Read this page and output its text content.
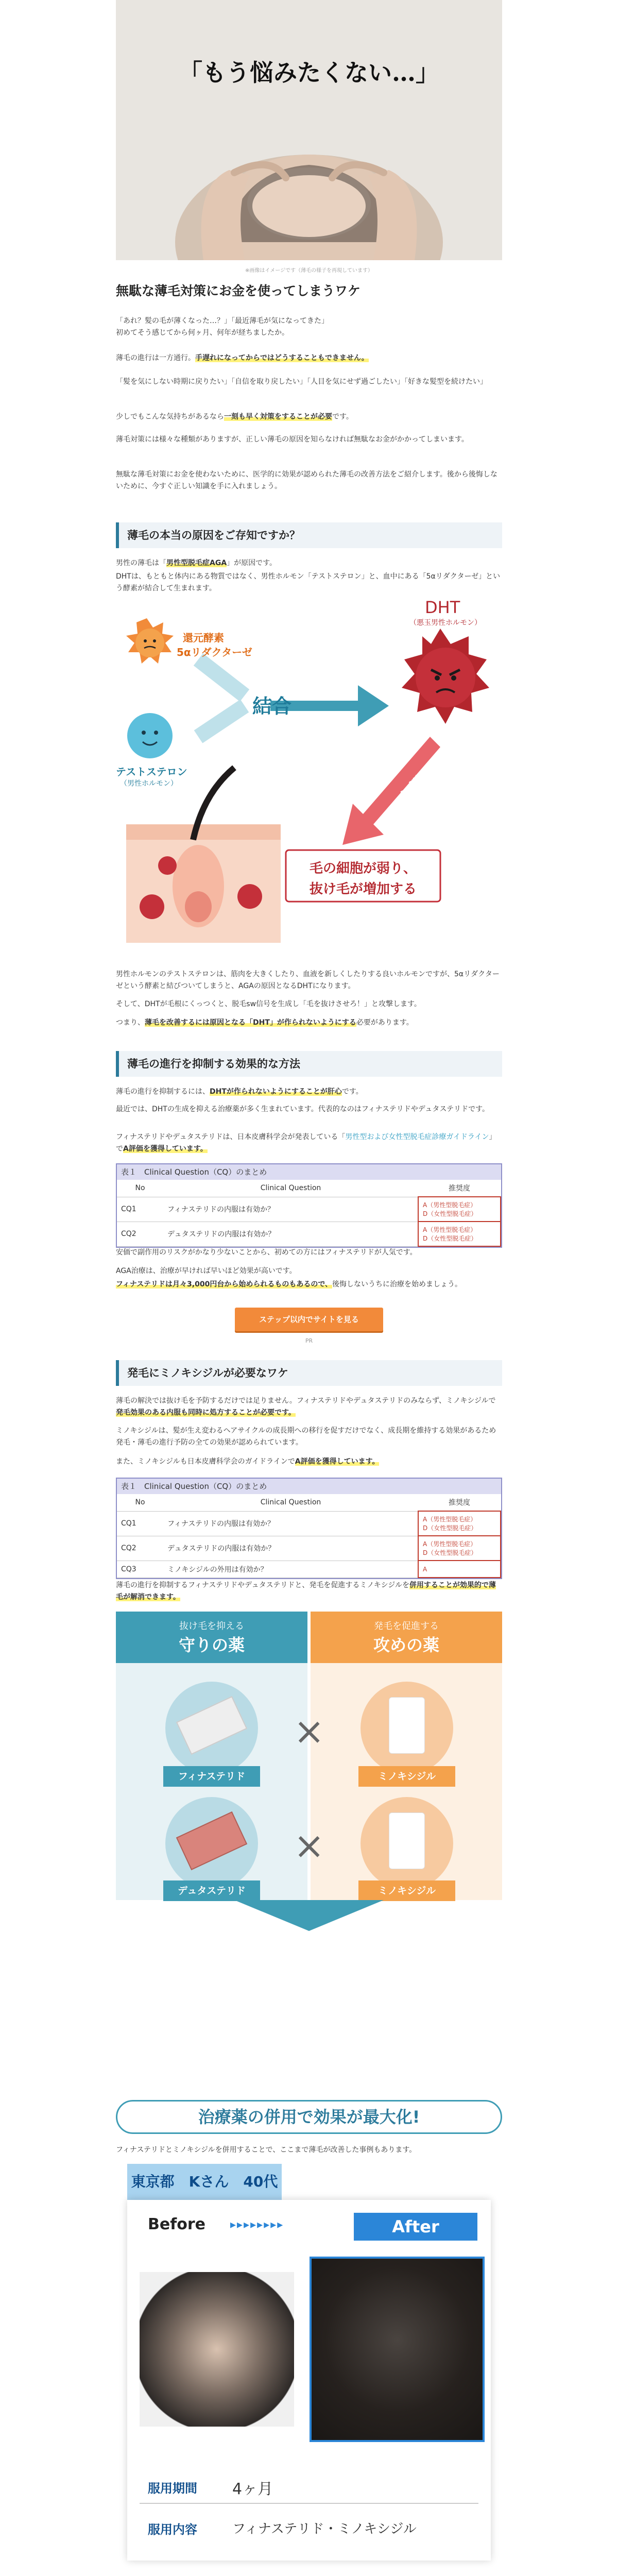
「もう悩みたくない…」
※画像はイメージです（薄毛の様子を再現しています）
無駄な薄毛対策にお金を使ってしまうワケ
「あれ？髪の毛が薄くなった…？」「最近薄毛が気になってきた」
初めてそう感じてから何ヶ月、何年が経ちましたか。
薄毛の進行は一方通行。手遅れになってからではどうすることもできません。
「髪を気にしない時期に戻りたい」「自信を取り戻したい」「人目を気にせず過ごしたい」「好きな髪型を続けたい」
少しでもこんな気持ちがあるなら一刻も早く対策をすることが必要です。
薄毛対策には様々な種類がありますが、正しい薄毛の原因を知らなければ無駄なお金がかかってしまいます。
無駄な薄毛対策にお金を使わないために、医学的に効果が認められた薄毛の改善方法をご紹介します。後から後悔しないために、今すぐ正しい知識を手に入れましょう。
薄毛の本当の原因をご存知ですか？
男性の薄毛は「男性型脱毛症AGA」が原因です。
DHTは、もともと体内にある物質ではなく、男性ホルモン「テストステロン」と、血中にある「5αリダクターゼ」という酵素が結合して生まれます。
還元酵素
5αリダクターゼ
テストステロン
（男性ホルモン）
結合
DHT
（悪玉男性ホルモン）
攻撃
毛の細胞が弱り、
抜け毛が増加する
男性ホルモンのテストステロンは、筋肉を大きくしたり、血液を新しくしたりする良いホルモンですが、5αリダクターゼという酵素と結びついてしまうと、AGAの原因となるDHTになります。
そして、DHTが毛根にくっつくと、脱毛sw信号を生成し「毛を抜けさせろ！」と攻撃します。
つまり、薄毛を改善するには原因となる「DHT」が作られないようにする必要があります。
薄毛の進行を抑制する効果的な方法
薄毛の進行を抑制するには、DHTが作られないようにすることが肝心です。
最近では、DHTの生成を抑える治療薬が多く生まれています。代表的なのはフィナステリドやデュタステリドです。
フィナステリドやデュタステリドは、日本皮膚科学会が発表している「男性型および女性型脱毛症診療ガイドライン」でA評価を獲得しています。
表１　Clinical Question（CQ）のまとめ
No	Clinical Question	推奨度
CQ1	フィナステリドの内服は有効か？	A（男性型脱毛症）
D（女性型脱毛症）
CQ2	デュタステリドの内服は有効か？	A（男性型脱毛症）
D（女性型脱毛症）
安価で副作用のリスクがかなり少ないことから、初めての方にはフィナステリドが人気です。
AGA治療は、治療が早ければ早いほど効果が高いです。
フィナステリドは月々3,000円台から始められるものもあるので、後悔しないうちに治療を始めましょう。
ステップ以内でサイトを見る
PR
発毛にミノキシジルが必要なワケ
薄毛の解決では抜け毛を予防するだけでは足りません。フィナステリドやデュタステリドのみならず、ミノキシジルで発毛効果のある内服も同時に処方することが必要です。
ミノキシジルは、髪が生え変わるヘアサイクルの成長期への移行を促すだけでなく、成長期を維持する効果があるため発毛・薄毛の進行予防の全ての効果が認められています。
また、ミノキシジルも日本皮膚科学会のガイドラインでA評価を獲得しています。
表１　Clinical Question（CQ）のまとめ
No	Clinical Question	推奨度
CQ1	フィナステリドの内服は有効か？	A（男性型脱毛症）
D（女性型脱毛症）
CQ2	デュタステリドの内服は有効か？	A（男性型脱毛症）
D（女性型脱毛症）
CQ3	ミノキシジルの外用は有効か？	A
薄毛の進行を抑制するフィナステリドやデュタステリドと、発毛を促進するミノキシジルを併用することが効果的で薄毛が解消できます。
抜け毛を抑える
守りの薬
発毛を促進する
攻めの薬
フィナステリド	ミノキシジル
×
デュタステリド	ミノキシジル
×
治療薬の併用で効果が最大化!
フィナステリドとミノキシジルを併用することで、ここまで薄毛が改善した事例もあります。
東京都　Kさん　40代
Before ▸▸▸▸▸▸▸▸	After
服用期間 4ヶ月
服用内容	フィナステリド・ミノキシジル
